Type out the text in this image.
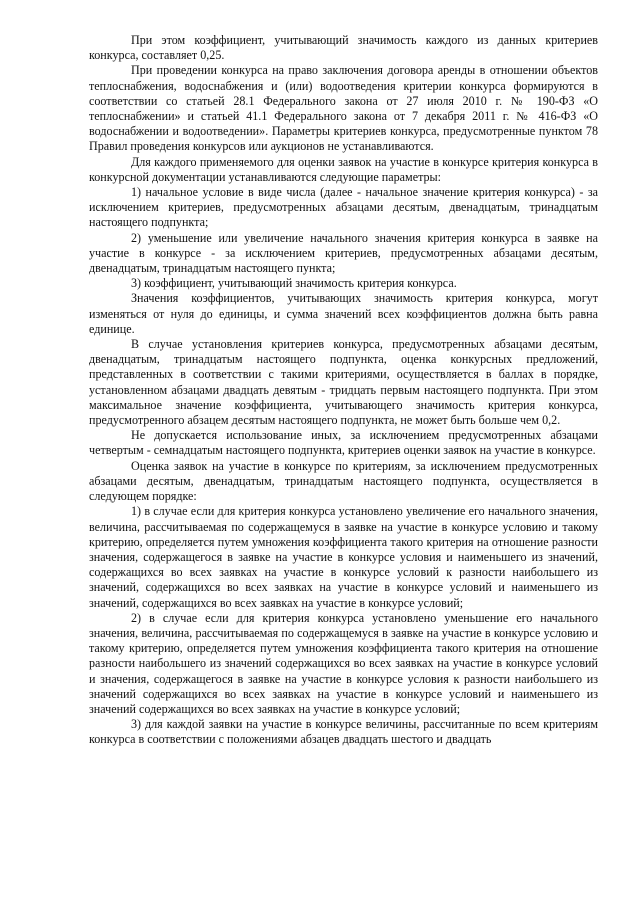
При этом коэффициент, учитывающий значимость каждого из данных критериев конкурса, составляет 0,25.

При проведении конкурса на право заключения договора аренды в отношении объектов теплоснабжения, водоснабжения и (или) водоотведения критерии конкурса формируются в соответствии со статьей 28.1 Федерального закона от 27 июля 2010 г. № 190-ФЗ «О теплоснабжении» и статьей 41.1 Федерального закона от 7 декабря 2011 г. № 416-ФЗ «О водоснабжении и водоотведении». Параметры критериев конкурса, предусмотренные пунктом 78 Правил проведения конкурсов или аукционов не устанавливаются.

Для каждого применяемого для оценки заявок на участие в конкурсе критерия конкурса в конкурсной документации устанавливаются следующие параметры:

1) начальное условие в виде числа (далее - начальное значение критерия конкурса) - за исключением критериев, предусмотренных абзацами десятым, двенадцатым, тринадцатым настоящего подпункта;

2) уменьшение или увеличение начального значения критерия конкурса в заявке на участие в конкурсе - за исключением критериев, предусмотренных абзацами десятым, двенадцатым, тринадцатым настоящего пункта;

3) коэффициент, учитывающий значимость критерия конкурса.

Значения коэффициентов, учитывающих значимость критерия конкурса, могут изменяться от нуля до единицы, и сумма значений всех коэффициентов должна быть равна единице.

В случае установления критериев конкурса, предусмотренных абзацами десятым, двенадцатым, тринадцатым настоящего подпункта, оценка конкурсных предложений, представленных в соответствии с такими критериями, осуществляется в баллах в порядке, установленном абзацами двадцать девятым - тридцать первым настоящего подпункта. При этом максимальное значение коэффициента, учитывающего значимость критерия конкурса, предусмотренного абзацем десятым настоящего подпункта, не может быть больше чем 0,2.

Не допускается использование иных, за исключением предусмотренных абзацами четвертым - семнадцатым настоящего подпункта, критериев оценки заявок на участие в конкурсе.

Оценка заявок на участие в конкурсе по критериям, за исключением предусмотренных абзацами десятым, двенадцатым, тринадцатым настоящего подпункта, осуществляется в следующем порядке:

1) в случае если для критерия конкурса установлено увеличение его начального значения, величина, рассчитываемая по содержащемуся в заявке на участие в конкурсе условию и такому критерию, определяется путем умножения коэффициента такого критерия на отношение разности значения, содержащегося в заявке на участие в конкурсе условия и наименьшего из значений, содержащихся во всех заявках на участие в конкурсе условий к разности наибольшего из значений, содержащихся во всех заявках на участие в конкурсе условий и наименьшего из значений, содержащихся во всех заявках на участие в конкурсе условий;

2) в случае если для критерия конкурса установлено уменьшение его начального значения, величина, рассчитываемая по содержащемуся в заявке на участие в конкурсе условию и такому критерию, определяется путем умножения коэффициента такого критерия на отношение разности наибольшего из значений содержащихся во всех заявках на участие в конкурсе условий и значения, содержащегося в заявке на участие в конкурсе условия к разности наибольшего из значений содержащихся во всех заявках на участие в конкурсе условий и наименьшего из значений содержащихся во всех заявках на участие в конкурсе условий;

3) для каждой заявки на участие в конкурсе величины, рассчитанные по всем критериям конкурса в соответствии с положениями абзацев двадцать шестого и двадцать
